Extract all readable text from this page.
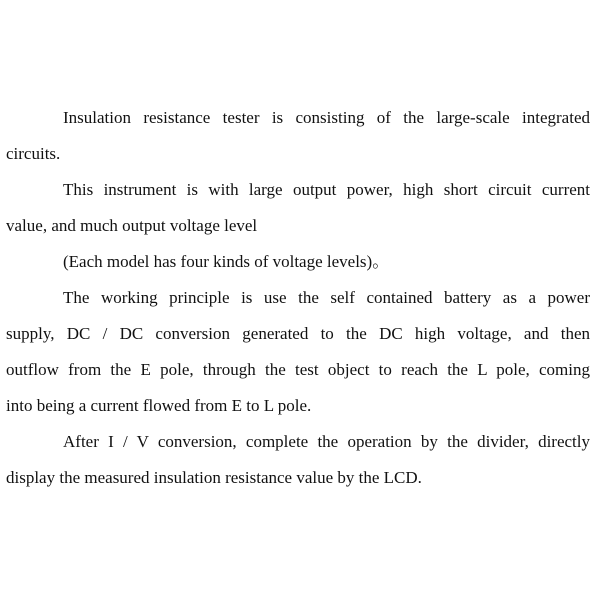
Insulation resistance tester is consisting of the large-scale integrated
circuits.
This instrument is with large output power, high short circuit current
value, and much output voltage level
(Each model has four kinds of voltage levels)。
The working principle is use the self contained battery as a power
supply, DC / DC conversion generated to the DC high voltage, and then
outflow from the E pole, through the test object to reach the L pole, coming
into being a current flowed from E to L pole.
After I / V conversion, complete the operation by the divider, directly
display the measured insulation resistance value by the LCD.
